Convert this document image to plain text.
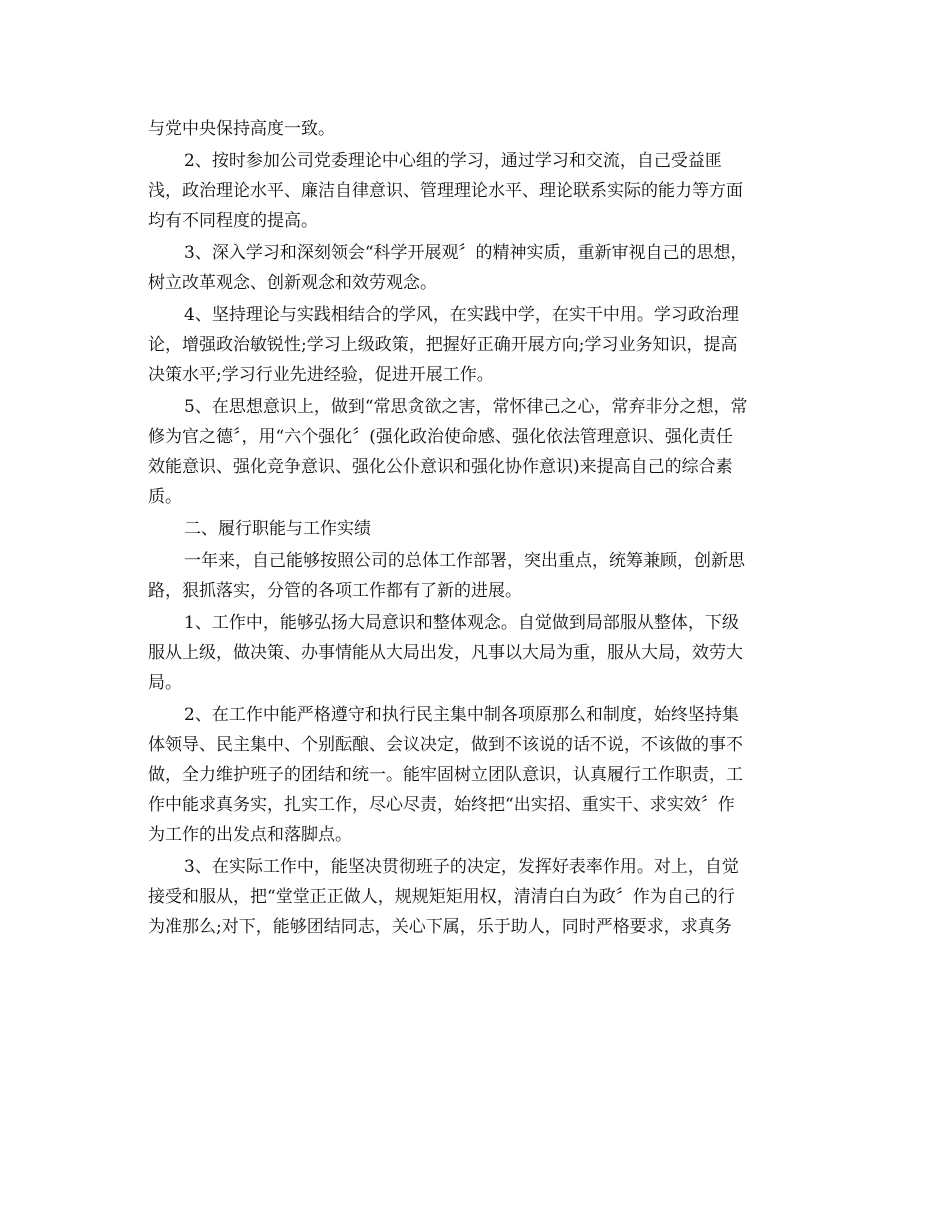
与党中央保持高度一致。
2、按时参加公司党委理论中心组的学习，通过学习和交流，自己受益匪
浅，政治理论水平、廉洁自律意识、管理理论水平、理论联系实际的能力等方面
均有不同程度的提高。
3、深入学习和深刻领会“科学开展观〞的精神实质，重新审视自己的思想，
树立改革观念、创新观念和效劳观念。
4、坚持理论与实践相结合的学风，在实践中学，在实干中用。学习政治理
论，增强政治敏锐性;学习上级政策，把握好正确开展方向;学习业务知识，提高
决策水平;学习行业先进经验，促进开展工作。
5、在思想意识上，做到“常思贪欲之害，常怀律己之心，常弃非分之想，常
修为官之德〞，用“六个强化〞(强化政治使命感、强化依法管理意识、强化责任
效能意识、强化竞争意识、强化公仆意识和强化协作意识)来提高自己的综合素
质。
二、履行职能与工作实绩
一年来，自己能够按照公司的总体工作部署，突出重点，统筹兼顾，创新思
路，狠抓落实，分管的各项工作都有了新的进展。
1、工作中，能够弘扬大局意识和整体观念。自觉做到局部服从整体，下级
服从上级，做决策、办事情能从大局出发，凡事以大局为重，服从大局，效劳大
局。
2、在工作中能严格遵守和执行民主集中制各项原那么和制度，始终坚持集
体领导、民主集中、个别酝酿、会议决定，做到不该说的话不说，不该做的事不
做，全力维护班子的团结和统一。能牢固树立团队意识，认真履行工作职责，工
作中能求真务实，扎实工作，尽心尽责，始终把“出实招、重实干、求实效〞作
为工作的出发点和落脚点。
3、在实际工作中，能坚决贯彻班子的决定，发挥好表率作用。对上，自觉
接受和服从，把“堂堂正正做人，规规矩矩用权，清清白白为政〞作为自己的行
为准那么;对下，能够团结同志，关心下属，乐于助人，同时严格要求，求真务
